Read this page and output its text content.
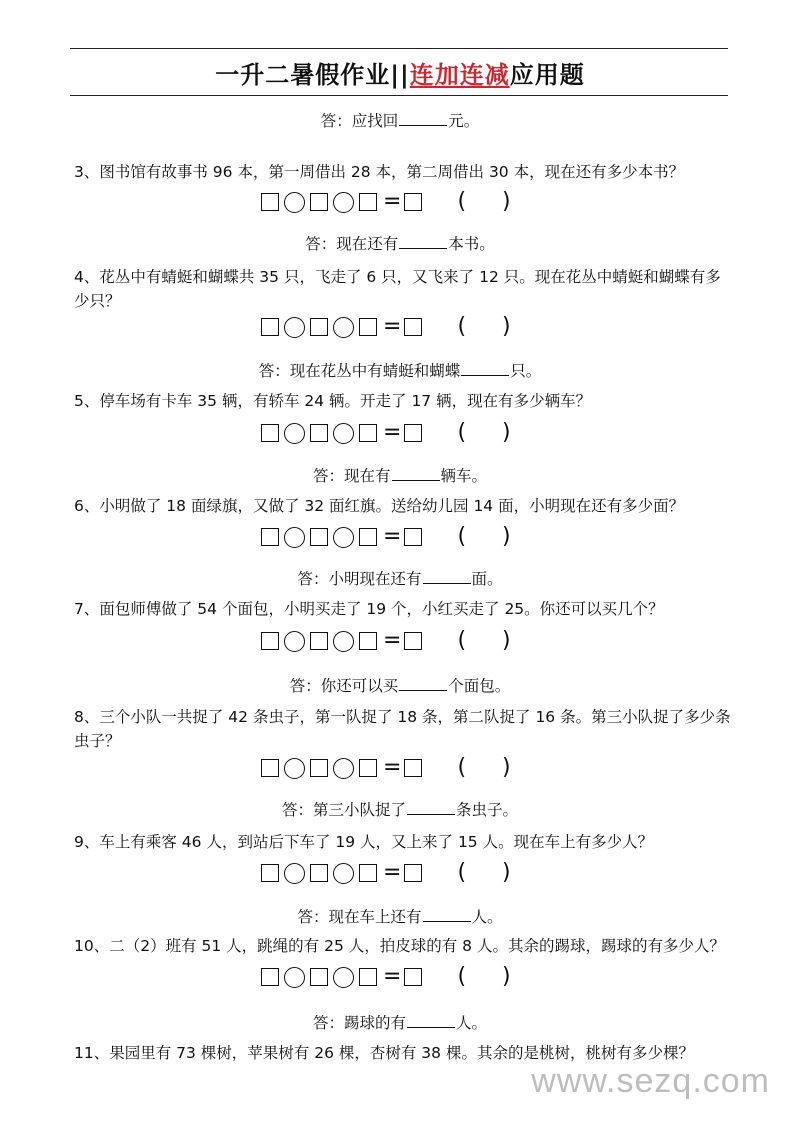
一升二暑假作业||连加连减应用题
答：应找回	元。
3、图书馆有故事书 96 本，第一周借出 28 本，第二周借出 30 本，现在还有多少本书？
=	( )
答：现在还有	本书。
4、花丛中有蜻蜓和蝴蝶共 35 只，飞走了 6 只，又飞来了 12 只。现在花丛中蜻蜓和蝴蝶有多少只？
=	( )
答：现在花丛中有蜻蜓和蝴蝶	只。
5、停车场有卡车 35 辆，有轿车 24 辆。开走了 17 辆，现在有多少辆车？
=	( )
答：现在有	辆车。
6、小明做了 18 面绿旗，又做了 32 面红旗。送给幼儿园 14 面，小明现在还有多少面？
=	( )
答：小明现在还有	面。
7、面包师傅做了 54 个面包，小明买走了 19 个，小红买走了 25。你还可以买几个？
=	( )
答：你还可以买	个面包。
8、三个小队一共捉了 42 条虫子，第一队捉了 18 条，第二队捉了 16 条。第三小队捉了多少条虫子？
=	( )
答：第三小队捉了	条虫子。
9、车上有乘客 46 人，到站后下车了 19 人，又上来了 15 人。现在车上有多少人？
=	( )
答：现在车上还有	人。
10、二（2）班有 51 人，跳绳的有 25 人，拍皮球的有 8 人。其余的踢球，踢球的有多少人？
=	( )
答：踢球的有	人。
11、果园里有 73 棵树，苹果树有 26 棵，杏树有 38 棵。其余的是桃树，桃树有多少棵？
www.sezq.com
